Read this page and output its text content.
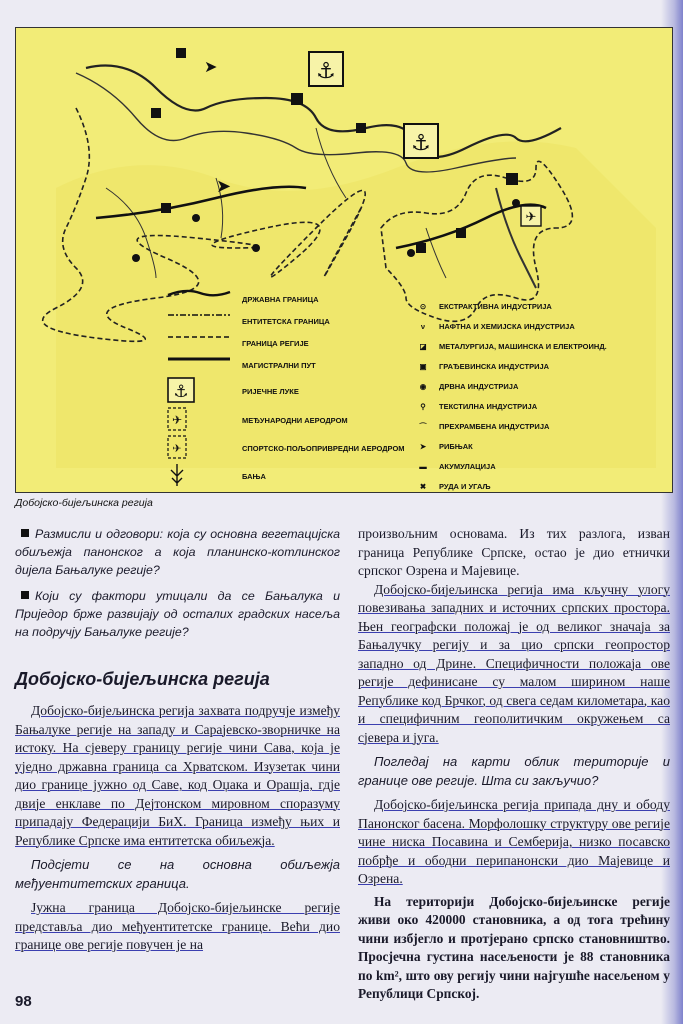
⚓
⚓
✈
➤
➤
ДРЖАВНА ГРАНИЦА
ЕНТИТЕТСКА ГРАНИЦА
ГРАНИЦА РЕГИЈЕ
МАГИСТРАЛНИ ПУТ
⚓	РИЈЕЧНЕ ЛУКЕ
✈	МЕЂУНАРОДНИ АЕРОДРОМ
✈	СПОРТСКО-ПОЉОПРИВРЕДНИ АЕРОДРОМ
БАЊА
⊙	ЕКСТРАКТИВНА ИНДУСТРИЈА
ν	НАФТНА И ХЕМИЈСКА ИНДУСТРИЈА
◪	МЕТАЛУРГИЈА, МАШИНСКА И ЕЛЕКТРОИНД.
▣	ГРАЂЕВИНСКА ИНДУСТРИЈА
◉	ДРВНА ИНДУСТРИЈА
⚲	ТЕКСТИЛНА ИНДУСТРИЈА
⌒	ПРЕХРАМБЕНА ИНДУСТРИЈА
➤	РИБЊАК
▬	АКУМУЛАЦИЈА
✖	РУДА И УГАЉ
Добојско-бијељинска регија

Размисли и одговори: која су основна вегетацијска обиљежја панонског а која планинско-котлинског дијела Бањалуке регије?

Који су фактори утицали да се Бањалука и Приједор брже развијају од осталих градских насеља на подручју Бањалуке регије?

Добојско-бијељинска регија

Добојско-бијељинска регија захвата подручје између Бањалуке регије на западу и Сарајевско-зворничке на истоку. На сјеверу границу регије чини Сава, која је уједно државна граница са Хрватском. Изузетак чини дио границе јужно од Саве, код Оџака и Орашја, гдје двије енклаве по Дејтонском мировном споразуму припадају Федерацији БиХ. Граница између њих и Републике Српске има ентитетска обиљежја.

Подсјети се на основна обиљежја међуентитетских граница.

Јужна граница Добојско-бијељинске регије представља дио међуентитетске границе. Већи дио границе ове регије повучен је на

произвољним основама. Из тих разлога, изван граница Републике Српске, остао је дио етнички српског Озрена и Мајевице.

Добојско-бијељинска регија има кључну улогу повезивања западних и источних српских простора. Њен географски положај је од великог значаја за Бањалучку регију и за цио српски геопростор западно од Дрине. Специфичности положаја ове регије дефинисане су малом ширином наше Републике код Брчког, од свега седам километара, као и специфичним геополитичким окружењем са сјевера и југа.

Погледај на карти облик територије и границе ове регије. Шта си закључио?

Добојско-бијељинска регија припада дну и ободу Панонског басена. Морфолошку структуру ове регије чине ниска Посавина и Семберија, низко посавско побрђе и ободни перипанонски дио Мајевице и Озрена.

На територији Добојско-бијељинске регије живи око 420000 становника, а од тога трећину чини избјегло и протјерано српско становништво. Просјечна густина насељености је 88 становника по km², што ову регију чини најгушће насељеном у Републици Српској.

98
